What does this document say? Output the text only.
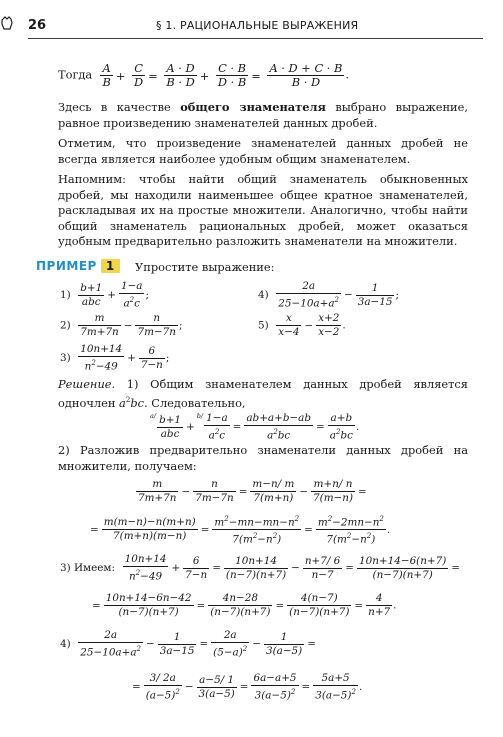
26	§ 1. РАЦИОНАЛЬНЫЕ ВЫРАЖЕНИЯ
Тогда $\frac{A}{B} + \frac{C}{D} = \frac{A \cdot D}{B \cdot D} + \frac{C \cdot B}{D \cdot B} = \frac{A \cdot D + C \cdot B}{B \cdot D}$ .
Здесь в качестве общего знаменателя выбрано выражение, равное произведению знаменателей данных дробей.
Отметим, что произведение знаменателей данных дробей не всегда является наиболее удобным общим знаменателем.
Напомним: чтобы найти общий знаменатель обыкновенных дробей, мы находили наименьшее общее кратное знаменателей, раскладывая их на простые множители. Аналогично, чтобы найти общий знаменатель рациональных дробей, может оказаться удобным предварительно разложить знаменатели на множители.
ПРИМЕР 1	Упростите выражение:
$1) \frac{b+1}{\text{abc}} + \frac{1-a}{a^2c}$ ;	$4) \frac{2a}{25-10a+a^2} - \frac{1}{3a-15}$ ;
$2) \frac{m}{7m+7n} - \frac{n}{7m-7n}$ ;	$5) \frac{x}{x-4} - \frac{x+2}{x-2}$ .
$3) \frac{10n+14}{n^2-49} + \frac{6}{7-n}$ ;
Решение. 1) Общим знаменателем данных дробей является одночлен $a^2bc$. Следовательно,
$^{a/} \frac{b+1}{\text{abc}} +^{b/} \frac{1-a}{a^2c} = \frac{ab+a+b-ab}{a^2bc} = \frac{a+b}{a^2bc}$ .
2) Разложив предварительно знаменатели данных дробей на множители, получаем:
$\frac{m}{7m+7n} - \frac{n}{7m-7n} = \frac{m-n/ m}{7(m+n)} - \frac{m+n/ n}{7(m-n)}$ =
= $\frac{m(m-n)-n(m+n)}{7(m+n)(m-n)} = \frac{m^2-mn-mn-n^2}{7(m^2-n^2)} = \frac{m^2-2mn-n^2}{7(m^2-n^2)}$ .
3) Имеем: $\frac{10n+14}{n^2-49} + \frac{6}{7-n} = \frac{10n+14}{(n-7)(n+7)} - \frac{n+7/ 6}{n-7} = \frac{10n+14-6(n+7)}{(n-7)(n+7)}$ =
= $\frac{10n+14-6n-42}{(n-7)(n+7)} = \frac{4n-28}{(n-7)(n+7)} = \frac{4(n-7)}{(n-7)(n+7)} = \frac{4}{n+7}$ .
$4) \frac{2a}{25-10a+a^2} - \frac{1}{3a-15} = \frac{2a}{(5-a)^2} - \frac{1}{3(a-5)}$ =
= $\frac{3/ 2a}{(a-5)^2} - \frac{a-5/ 1}{3(a-5)} = \frac{6a-a+5}{3(a-5)^2} = \frac{5a+5}{3(a-5)^2}$ .
